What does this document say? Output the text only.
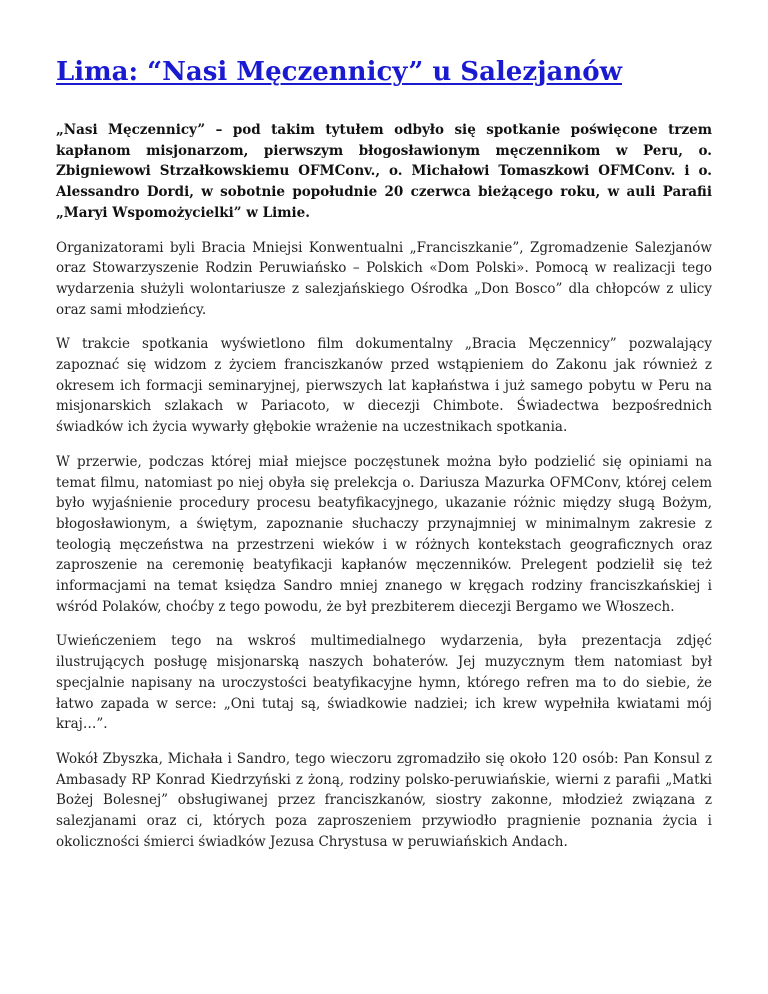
Lima: “Nasi Męczennicy” u Salezjanów

„Nasi Męczennicy” – pod takim tytułem odbyło się spotkanie poświęcone trzem kapłanom misjonarzom, pierwszym błogosławionym męczennikom w Peru, o. Zbigniewowi Strzałkowskiemu OFMConv., o. Michałowi Tomaszkowi OFMConv. i o. Alessandro Dordi, w sobotnie popołudnie 20 czerwca bieżącego roku, w auli Parafii „Maryi Wspomożycielki” w Limie.

Organizatorami byli Bracia Mniejsi Konwentualni „Franciszkanie”, Zgromadzenie Salezjanów oraz Stowarzyszenie Rodzin Peruwiańsko – Polskich «Dom Polski». Pomocą w realizacji tego wydarzenia służyli wolontariusze z salezjańskiego Ośrodka „Don Bosco” dla chłopców z ulicy oraz sami młodzieńcy.

W trakcie spotkania wyświetlono film dokumentalny „Bracia Męczennicy” pozwalający zapoznać się widzom z życiem franciszkanów przed wstąpieniem do Zakonu jak również z okresem ich formacji seminaryjnej, pierwszych lat kapłaństwa i już samego pobytu w Peru na misjonarskich szlakach w Pariacoto, w diecezji Chimbote. Świadectwa bezpośrednich świadków ich życia wywarły głębokie wrażenie na uczestnikach spotkania.

W przerwie, podczas której miał miejsce poczęstunek można było podzielić się opiniami na temat filmu, natomiast po niej obyła się prelekcja o. Dariusza Mazurka OFMConv, której celem było wyjaśnienie procedury procesu beatyfikacyjnego, ukazanie różnic między sługą Bożym, błogosławionym, a świętym, zapoznanie słuchaczy przynajmniej w minimalnym zakresie z teologią męczeństwa na przestrzeni wieków i w różnych kontekstach geograficznych oraz zaproszenie na ceremonię beatyfikacji kapłanów męczenników. Prelegent podzielił się też informacjami na temat księdza Sandro mniej znanego w kręgach rodziny franciszkańskiej i wśród Polaków, choćby z tego powodu, że był prezbiterem diecezji Bergamo we Włoszech.

Uwieńczeniem tego na wskroś multimedialnego wydarzenia, była prezentacja zdjęć ilustrujących posługę misjonarską naszych bohaterów. Jej muzycznym tłem natomiast był specjalnie napisany na uroczystości beatyfikacyjne hymn, którego refren ma to do siebie, że łatwo zapada w serce: „Oni tutaj są, świadkowie nadziei; ich krew wypełniła kwiatami mój kraj…”.

Wokół Zbyszka, Michała i Sandro, tego wieczoru zgromadziło się około 120 osób: Pan Konsul z Ambasady RP Konrad Kiedrzyński z żoną, rodziny polsko-peruwiańskie, wierni z parafii „Matki Bożej Bolesnej” obsługiwanej przez franciszkanów, siostry zakonne, młodzież związana z salezjanami oraz ci, których poza zaproszeniem przywiodło pragnienie poznania życia i okoliczności śmierci świadków Jezusa Chrystusa w peruwiańskich Andach.
